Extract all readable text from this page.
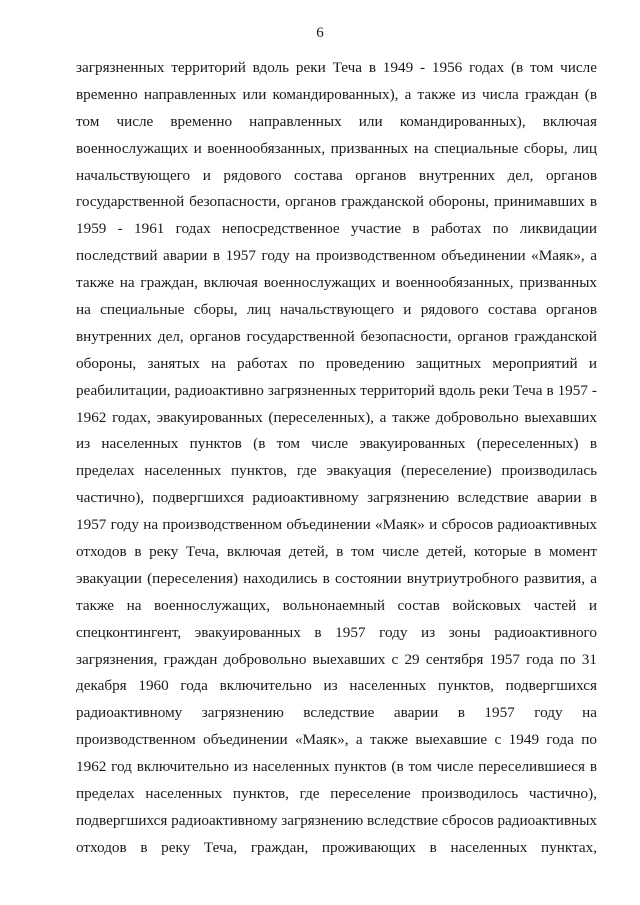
6
загрязненных территорий вдоль реки Теча в 1949 - 1956 годах (в том числе
временно направленных или командированных), а также из числа граждан (в
том числе временно направленных или командированных), включая
военнослужащих и военнообязанных, призванных на специальные сборы, лиц
начальствующего и рядового состава органов внутренних дел, органов
государственной безопасности, органов гражданской обороны, принимавших в
1959 - 1961 годах непосредственное участие в работах по ликвидации
последствий аварии в 1957 году на производственном объединении «Маяк», а
также на граждан, включая военнослужащих и военнообязанных, призванных
на специальные сборы, лиц начальствующего и рядового состава органов
внутренних дел, органов государственной безопасности, органов гражданской
обороны, занятых на работах по проведению защитных мероприятий и
реабилитации, радиоактивно загрязненных территорий вдоль реки Теча в 1957 -
1962 годах, эвакуированных (переселенных), а также добровольно выехавших
из населенных пунктов (в том числе эвакуированных (переселенных) в
пределах населенных пунктов, где эвакуация (переселение) производилась
частично), подвергшихся радиоактивному загрязнению вследствие аварии в
1957 году на производственном объединении «Маяк» и сбросов радиоактивных
отходов в реку Теча, включая детей, в том числе детей, которые в момент
эвакуации (переселения) находились в состоянии внутриутробного развития, а
также на военнослужащих, вольнонаемный состав войсковых частей и
спецконтингент, эвакуированных в 1957 году из зоны радиоактивного
загрязнения, граждан добровольно выехавших с 29 сентября 1957 года по 31
декабря 1960 года включительно из населенных пунктов, подвергшихся
радиоактивному загрязнению вследствие аварии в 1957 году на
производственном объединении «Маяк», а также выехавшие с 1949 года по
1962 год включительно из населенных пунктов (в том числе переселившиеся в
пределах населенных пунктов, где переселение производилось частично),
подвергшихся радиоактивному загрязнению вследствие сбросов радиоактивных
отходов в реку Теча, граждан, проживающих в населенных пунктах,
